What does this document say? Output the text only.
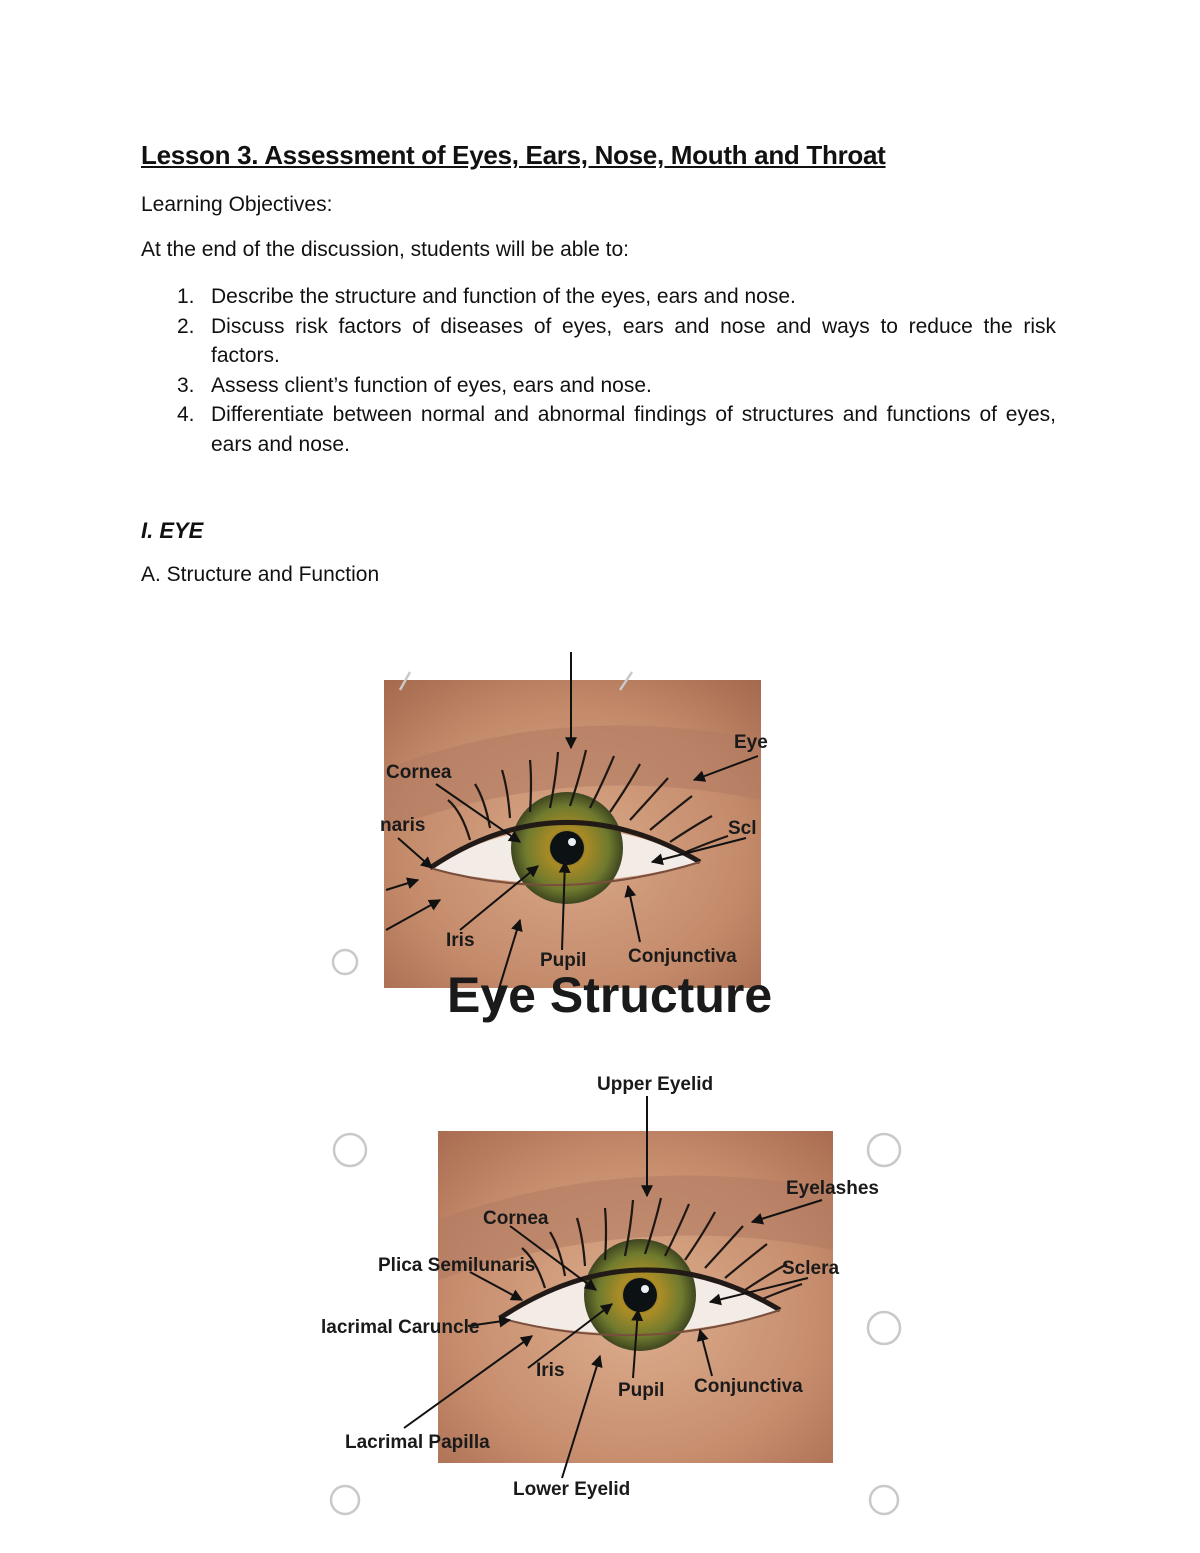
Lesson 3. Assessment of Eyes, Ears, Nose, Mouth and Throat
Learning Objectives:
At the end of the discussion, students will be able to:
1. Describe the structure and function of the eyes, ears and nose.
2. Discuss risk factors of diseases of eyes, ears and nose and ways to reduce the risk factors.
3. Assess client’s function of eyes, ears and nose.
4. Differentiate between normal and abnormal findings of structures and functions of eyes, ears and nose.
I. EYE
A. Structure and Function
Eye
Cornea
naris	Scl
Iris
Pupil Conjunctiva
Eye Structure
Upper Eyelid
Eyelashes
Cornea
Sclera
Plica Semilunaris
lacrimal Caruncle
Iris
Pupil Conjunctiva
Lacrimal Papilla
Lower Eyelid
